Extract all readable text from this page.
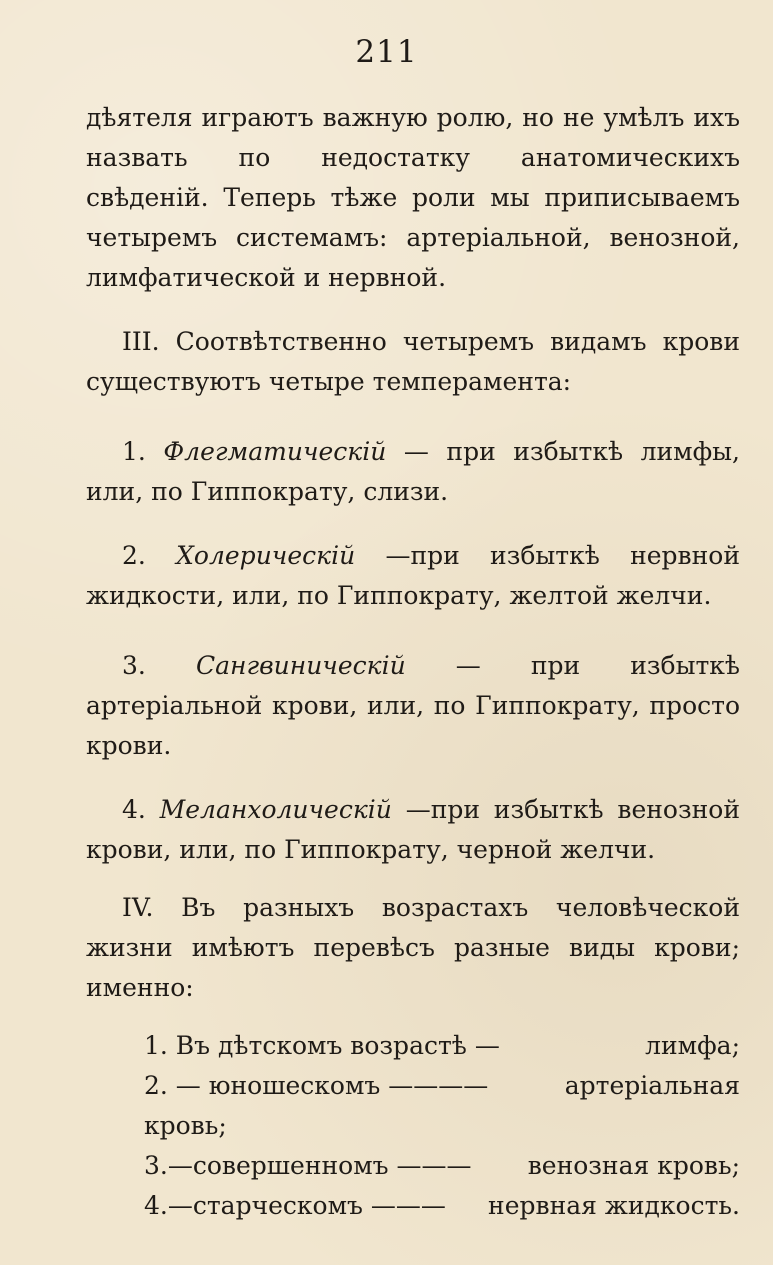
211

дѣятеля играютъ важную ролю, но не умѣлъ ихъ назвать по недостатку анатомическихъ свѣденій. Теперь тѣже роли мы приписываемъ четыремъ системамъ: артеріальной, венозной, лимфатической и нервной.

III. Соотвѣтственно четыремъ видамъ крови существуютъ четыре темперамента:

1. Флегматическій — при избыткѣ лимфы, или, по Гиппократу, слизи.

2. Холерическій —при избыткѣ нервной жидкости, или, по Гиппократу, желтой желчи.

3. Сангвиническій — при избыткѣ артеріальной крови, или, по Гиппократу, просто крови.

4. Меланхолическій —при избыткѣ венозной крови, или, по Гиппократу, черной желчи.

IV. Въ разныхъ возрастахъ человѣческой жизни имѣютъ перевѣсъ разные виды крови; именно:

1. Въ дѣтскомъ возрастѣ —	лимфа;
2. — юношескомъ ————	артеріальная
кровь;
3.—совершенномъ ——— венозная кровь;
4.—старческомъ ——— нервная жидкость.
